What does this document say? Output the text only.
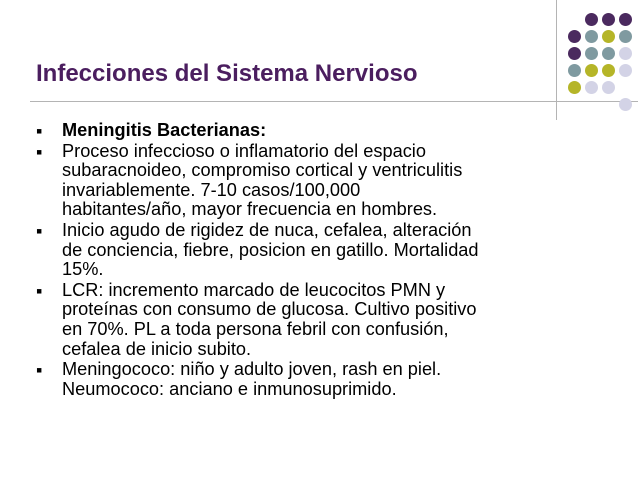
Infecciones del Sistema Nervioso
▪ Meningitis Bacterianas:
▪ Proceso infeccioso o inflamatorio del espacio
subaracnoideo, compromiso cortical y ventriculitis
invariablemente. 7-10 casos/100,000
habitantes/año, mayor frecuencia en hombres.
▪ Inicio agudo de rigidez de nuca, cefalea, alteración
de conciencia, fiebre, posicion en gatillo. Mortalidad
15%.
▪ LCR: incremento marcado de leucocitos PMN y
proteínas con consumo de glucosa. Cultivo positivo
en 70%. PL a toda persona febril con confusión,
cefalea de inicio subito.
▪ Meningococo: niño y adulto joven, rash en piel.
Neumococo: anciano e inmunosuprimido.
